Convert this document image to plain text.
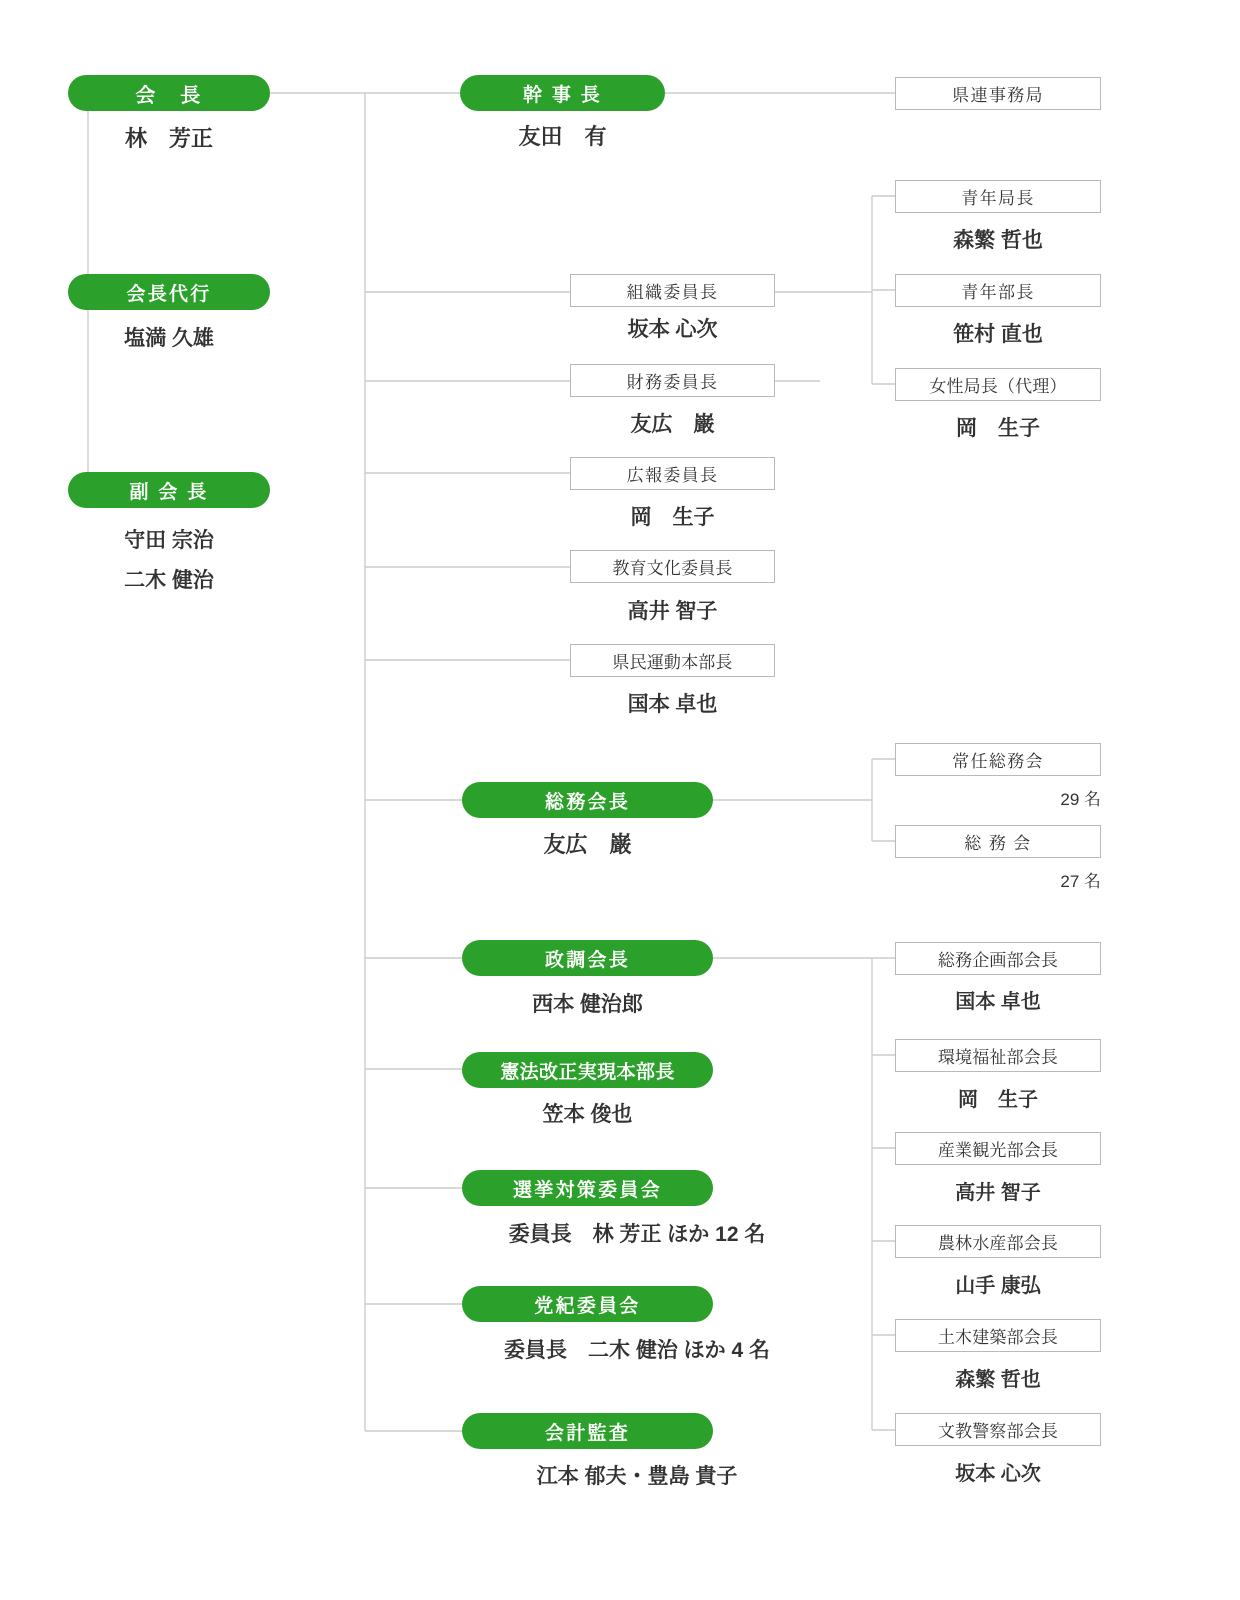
会　長
林　芳正
会長代行
塩満 久雄
副 会 長
守田 宗治
二木 健治
幹 事 長
友田　有
組織委員長
坂本 心次
財務委員長
友広　巌
広報委員長
岡　生子
教育文化委員長
高井 智子
県民運動本部長
国本 卓也
総務会長
友広　巌
政調会長
西本 健治郎
憲法改正実現本部長
笠本 俊也
選挙対策委員会
委員長　林 芳正 ほか 12 名
党紀委員会
委員長　二木 健治 ほか 4 名
会計監査
江本 郁夫・豊島 貴子
県連事務局
青年局長
森繁 哲也
青年部長
笹村 直也
女性局長（代理）
岡　生子
常任総務会
29 名
総 務 会
27 名
総務企画部会長
国本 卓也
環境福祉部会長
岡　生子
産業観光部会長
高井 智子
農林水産部会長
山手 康弘
土木建築部会長
森繁 哲也
文教警察部会長
坂本 心次
